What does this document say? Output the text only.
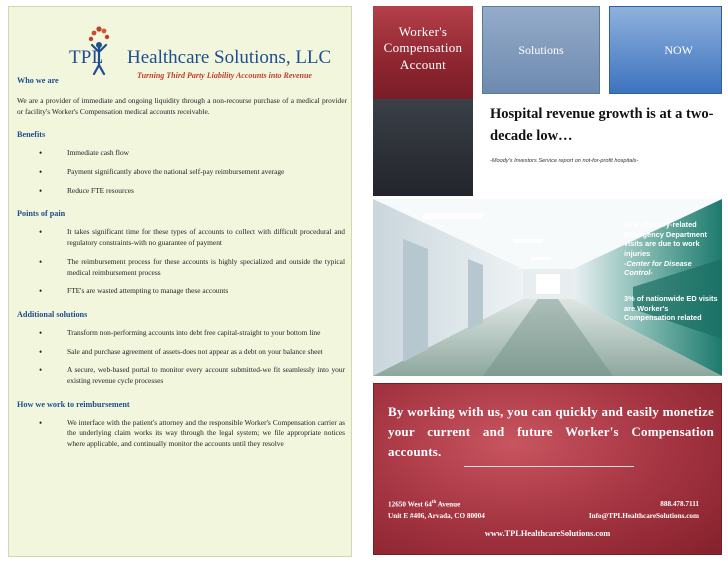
TPL Healthcare Solutions, LLC
Turning Third Party Liability Accounts into Revenue
Who we are

We are a provider of immediate and ongoing liquidity through a non-recourse purchase of a medical provider or facility's Worker's Compensation medical accounts receivable.

Benefits
• Immediate cash flow
• Payment significantly above the national self-pay reimbursement average
• Reduce FTE resources
Points of pain
• It takes significant time for these types of accounts to collect with difficult procedural and regulatory constraints-with no guarantee of payment
• The reimbursement process for these accounts is highly specialized and outside the typical medical reimbursement process
• FTE's are wasted attempting to manage these accounts
Additional solutions
• Transform non-performing accounts into debt free capital-straight to your bottom line
• Sale and purchase agreement of assets-does not appear as a debt on your balance sheet
• A secure, web-based portal to monitor every account submitted-we fit seamlessly into your existing revenue cycle processes
How we work to reimbursement
• We interface with the patient's attorney and the responsible Worker's Compensation carrier as the underlying claim works its way through the legal system; we file appropriate notices where applicable, and continually monitor the accounts until they resolve
Worker's
Compensation
Account
Solutions	NOW
Hospital revenue growth is at a two-decade low…
-Moody's Investors Service report on not-for-profit hospitals-
20% of injury-related Emergency Department visits are due to work injuries
-Center for Disease Control-
3% of nationwide ED visits are Worker's Compensation related
By working with us, you can quickly and easily monetize your current and future Worker's Compensation accounts.
12650 West 64th Avenue
Unit E #406, Arvada, CO 80004
888.478.7111
Info@TPLHealthcareSolutions.com
www.TPLHealthcareSolutions.com
